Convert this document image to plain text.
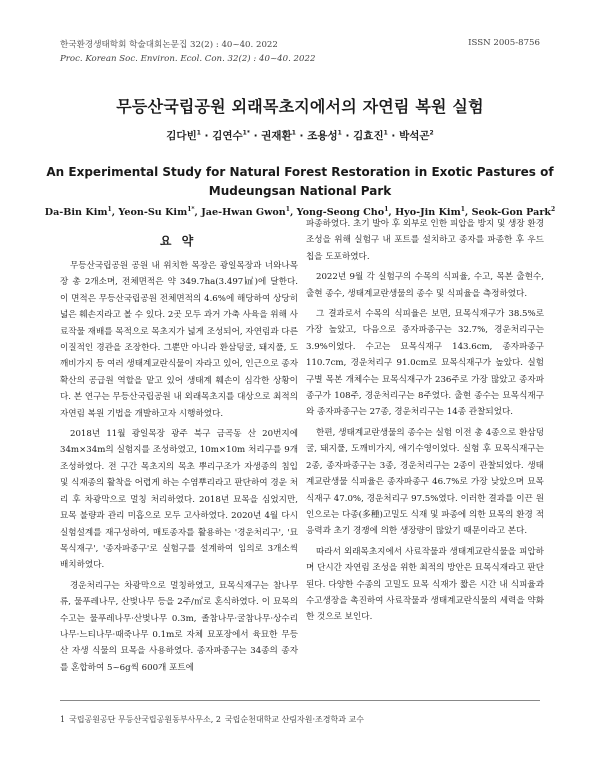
한국환경생태학회 학술대회논문집 32(2) : 40~40. 2022
Proc. Korean Soc. Environ. Ecol. Con. 32(2) : 40~40. 2022
ISSN 2005-8756
무등산국립공원 외래목초지에서의 자연림 복원 실험
김다빈$^1$ · 김연수$^{1*}$ · 권재환$^1$ · 조용성$^1$ · 김효진$^1$ · 박석곤$^2$
An Experimental Study for Natural Forest Restoration in Exotic Pastures of Mudeungsan National Park
Da-Bin Kim$^1$, Yeon-Su Kim$^{1*}$, Jae-Hwan Gwon$^1$, Yong-Seong Cho$^1$, Hyo-Jin Kim$^1$, Seok-Gon Park$^2$
요 약

무등산국립공원 공원 내 위치한 목장은 광일목장과 너와나목장 총 2개소며, 전체면적은 약 349.7ha(3.497㎢)에 달한다. 이 면적은 무등산국립공원 전체면적의 4.6%에 해당하여 상당히 넓은 훼손지라고 볼 수 있다. 2곳 모두 과거 가축 사육을 위해 사료작물 재배를 목적으로 목초지가 넓게 조성되어, 자연림과 다른 이질적인 경관을 조장한다. 그뿐만 아니라 환삼덩굴, 돼지풀, 도깨비가지 등 여러 생태계교란식물이 자라고 있어, 인근으로 종자 확산의 공급원 역할을 맡고 있어 생태계 훼손이 심각한 상황이다. 본 연구는 무등산국립공원 내 외래목초지를 대상으로 최적의 자연림 복원 기법을 개발하고자 시행하였다.

2018년 11월 광일목장 광주 북구 금곡동 산 20번지에 34m×34m의 실험지를 조성하였고, 10m×10m 처리구를 9개 조성하였다. 전 구간 목초지의 목초 뿌리구조가 자생종의 침입 및 식재종의 활착을 어렵게 하는 수염뿌리라고 판단하여 경운 처리 후 차광막으로 멀칭 처리하였다. 2018년 묘목을 심었지만, 묘목 불량과 관리 미흡으로 모두 고사하였다. 2020년 4월 다시 실험설계를 재구성하여, 매토종자를 활용하는 '경운처리구', '묘목식재구', '종자파종구'로 실험구를 설계하여 임의로 3개소씩 배치하였다.

경운처리구는 차광막으로 멀칭하였고, 묘목식재구는 참나무류, 물푸레나무, 산벚나무 등을 2주/㎡로 혼식하였다. 이 묘목의 수고는 물푸레나무·산벚나무 0.3m, 졸참나무·굴참나무·상수리나무·느티나무·때죽나무 0.1m로 자체 묘포장에서 육묘한 무등산 자생 식물의 묘목을 사용하였다. 종자파종구는 34종의 종자를 혼합하여 5~6g씩 600개 포트에

파종하였다. 초기 발아 후 외부로 인한 피압을 방지 및 생장 환경조성을 위해 실험구 내 포트를 설치하고 종자를 파종한 후 우드칩을 도포하였다.

2022년 9월 각 실험구의 수목의 식피율, 수고, 목본 출현수, 출현 종수, 생태계교란생물의 종수 및 식피율을 측정하였다.

그 결과로서 수목의 식피율은 보면, 묘목식재구가 38.5%로 가장 높았고, 다음으로 종자파종구는 32.7%, 경운처리구는 3.9%이었다. 수고는 묘목식재구 143.6cm, 종자파종구 110.7cm, 경운처리구 91.0cm로 묘목식재구가 높았다. 실험구별 목본 개체수는 묘목식재구가 236주로 가장 많았고 종자파종구가 108주, 경운처리구는 8주였다. 출현 종수는 묘목식재구와 종자파종구는 27종, 경운처리구는 14종 관찰되었다.

한편, 생태계교란생물의 종수는 실험 이전 총 4종으로 환삼덩굴, 돼지풀, 도깨비가지, 애기수영이었다. 실험 후 묘목식재구는 2종, 종자파종구는 3종, 경운처리구는 2종이 관찰되었다. 생태계교란생물 식피율은 종자파종구 46.7%로 가장 낮았으며 묘목식재구 47.0%, 경운처리구 97.5%였다. 이러한 결과를 이끈 원인으로는 다종(多種)고밀도 식재 및 파종에 의한 묘목의 환경 적응력과 초기 경쟁에 의한 생장량이 많았기 때문이라고 본다.

따라서 외래목초지에서 사료작물과 생태계교란식물을 피압하며 단시간 자연림 조성을 위한 최적의 방안은 묘목식재라고 판단된다. 다양한 수종의 고밀도 묘목 식재가 짧은 시간 내 식피율과 수고생장을 촉진하여 사료작물과 생태계교란식물의 세력을 약화한 것으로 보인다.

1 국립공원공단 무등산국립공원동부사무소, 2 국립순천대학교 산림자원·조경학과 교수
